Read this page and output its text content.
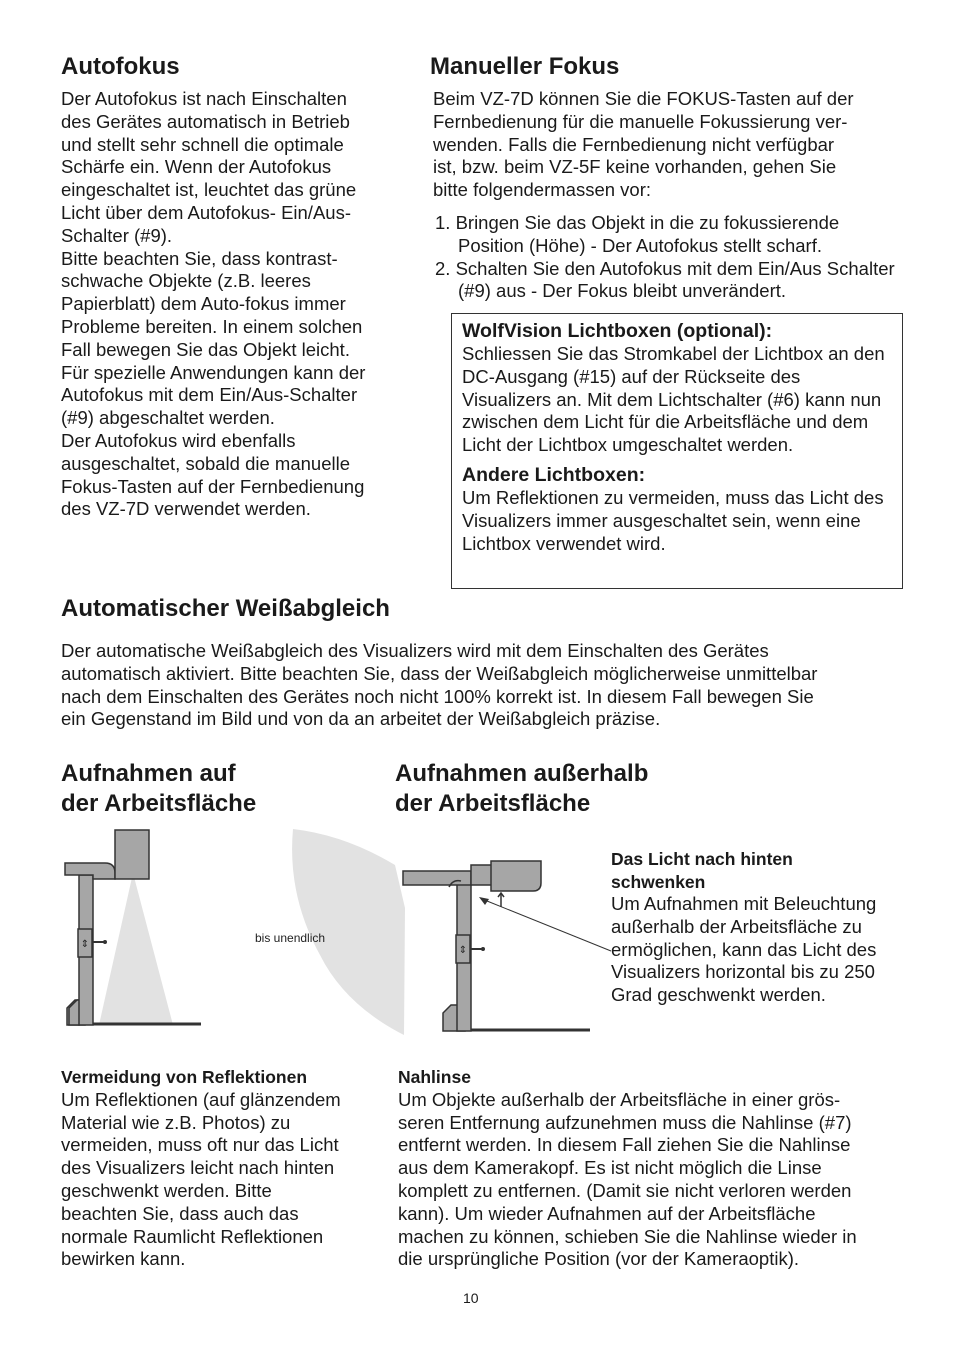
Autofokus

Der Autofokus ist nach Einschalten

des Gerätes automatisch in Betrieb

und stellt sehr schnell die optimale

Schärfe ein. Wenn der Autofokus

eingeschaltet ist, leuchtet das grüne

Licht über dem Autofokus- Ein/Aus-

Schalter (#9).

Bitte beachten Sie, dass kontrast-

schwache Objekte (z.B. leeres

Papierblatt) dem Auto-fokus immer

Probleme bereiten. In einem solchen

Fall bewegen Sie das Objekt leicht.

Für spezielle Anwendungen kann der

Autofokus mit dem Ein/Aus-Schalter

(#9) abgeschaltet werden.

Der Autofokus wird ebenfalls

ausgeschaltet, sobald die manuelle

Fokus-Tasten auf der Fernbedienung

des VZ-7D verwendet werden.

Manueller Fokus

Beim VZ-7D können Sie die FOKUS-Tasten auf der

Fernbedienung für die manuelle Fokussierung ver-

wenden. Falls die Fernbedienung nicht verfügbar

ist, bzw. beim VZ-5F keine vorhanden, gehen Sie

bitte folgendermassen vor:

1. Bringen Sie das Objekt in die zu fokussierende Position (Höhe) - Der Autofokus stellt scharf.
2. Schalten Sie den Autofokus mit dem Ein/Aus Schalter (#9) aus - Der Fokus bleibt unverändert.
WolfVision Lichtboxen (optional):

Schliessen Sie das Stromkabel der Lichtbox an den DC-Ausgang (#15) auf der Rückseite des Visualizers an. Mit dem Lichtschalter (#6) kann nun zwischen dem Licht für die Arbeitsfläche und dem Licht der Lichtbox umgeschaltet werden.

Andere Lichtboxen:

Um Reflektionen zu vermeiden, muss das Licht des Visualizers immer ausgeschaltet sein, wenn eine Lichtbox verwendet wird.

Automatischer Weißabgleich

Der automatische Weißabgleich des Visualizers wird mit dem Einschalten des Gerätes

automatisch aktiviert. Bitte beachten Sie, dass der Weißabgleich möglicherweise unmittelbar

nach dem Einschalten des Gerätes noch nicht 100% korrekt ist. In diesem Fall bewegen Sie

ein Gegenstand im Bild und von da an arbeitet der Weißabgleich präzise.

Aufnahmen auf
der Arbeitsfläche
Aufnahmen außerhalb
der Arbeitsfläche
⇕	bis unendlich
⇕

Das Licht nach hinten

schwenken

Um Aufnahmen mit Beleuchtung

außerhalb der Arbeitsfläche zu

ermöglichen, kann das Licht des

Visualizers horizontal bis zu 250

Grad geschwenkt werden.

Vermeidung von Reflektionen

Um Reflektionen (auf glänzendem

Material wie z.B. Photos) zu

vermeiden, muss oft nur das Licht

des Visualizers leicht nach hinten

geschwenkt werden. Bitte

beachten Sie, dass auch das

normale Raumlicht Reflektionen

bewirken kann.

Nahlinse

Um Objekte außerhalb der Arbeitsfläche in einer grös-

seren Entfernung aufzunehmen muss die Nahlinse (#7)

entfernt werden. In diesem Fall ziehen Sie die Nahlinse

aus dem Kamerakopf. Es ist nicht möglich die Linse

komplett zu entfernen. (Damit sie nicht verloren werden

kann). Um wieder Aufnahmen auf der Arbeitsfläche

machen zu können, schieben Sie die Nahlinse wieder in

die ursprüngliche Position (vor der Kameraoptik).

10
